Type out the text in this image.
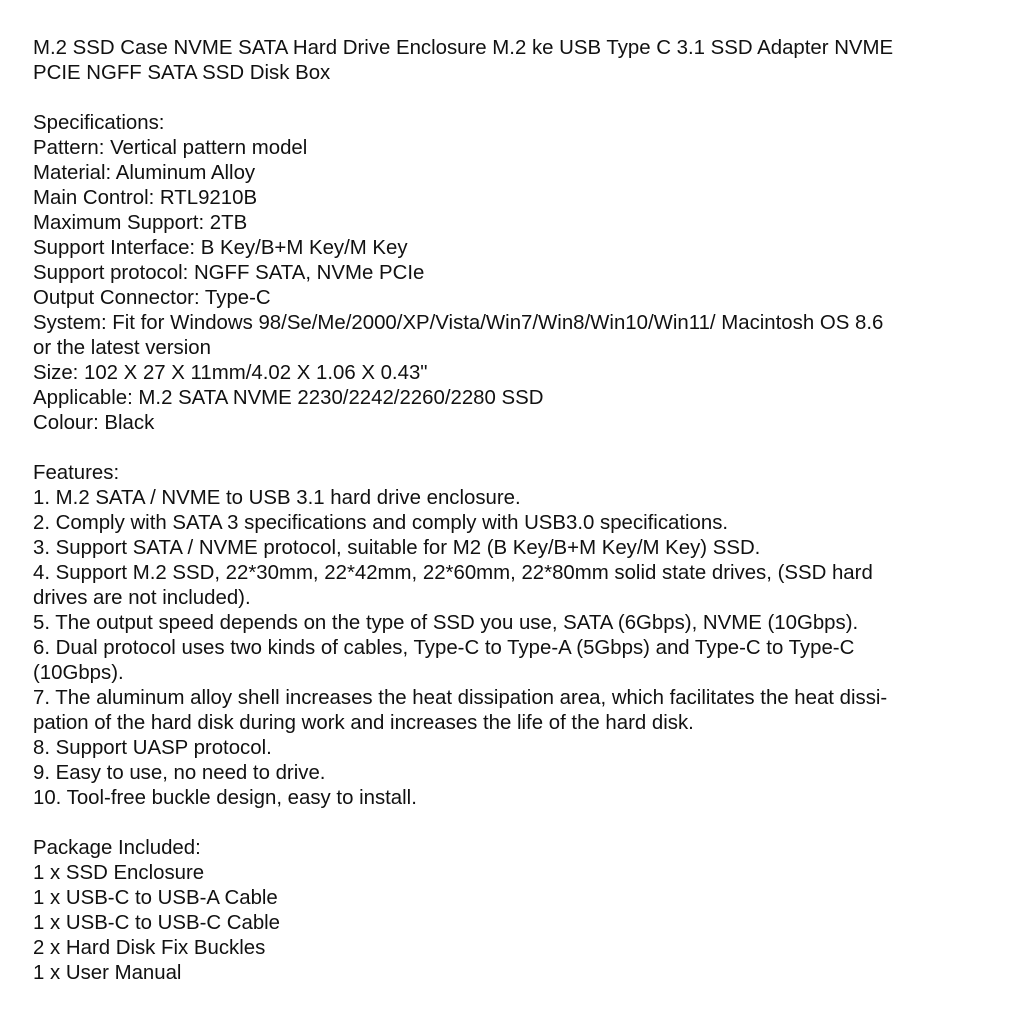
M.2 SSD Case NVME SATA Hard Drive Enclosure M.2 ke USB Type C 3.1 SSD Adapter NVME
PCIE NGFF SATA SSD Disk Box
Specifications:
Pattern: Vertical pattern model
Material: Aluminum Alloy
Main Control: RTL9210B
Maximum Support: 2TB
Support Interface: B Key/B+M Key/M Key
Support protocol: NGFF SATA, NVMe PCIe
Output Connector: Type-C
System: Fit for Windows 98/Se/Me/2000/XP/Vista/Win7/Win8/Win10/Win11/ Macintosh OS 8.6
or the latest version
Size: 102 X 27 X 11mm/4.02 X 1.06 X 0.43"
Applicable: M.2 SATA NVME 2230/2242/2260/2280 SSD
Colour: Black
Features:
1. M.2 SATA / NVME to USB 3.1 hard drive enclosure.
2. Comply with SATA 3 specifications and comply with USB3.0 specifications.
3. Support SATA / NVME protocol, suitable for M2 (B Key/B+M Key/M Key) SSD.
4. Support M.2 SSD, 22*30mm, 22*42mm, 22*60mm, 22*80mm solid state drives, (SSD hard
drives are not included).
5. The output speed depends on the type of SSD you use, SATA (6Gbps), NVME (10Gbps).
6. Dual protocol uses two kinds of cables, Type-C to Type-A (5Gbps) and Type-C to Type-C
(10Gbps).
7. The aluminum alloy shell increases the heat dissipation area, which facilitates the heat dissi-
pation of the hard disk during work and increases the life of the hard disk.
8. Support UASP protocol.
9. Easy to use, no need to drive.
10. Tool-free buckle design, easy to install.
Package Included:
1 x SSD Enclosure
1 x USB-C to USB-A Cable
1 x USB-C to USB-C Cable
2 x Hard Disk Fix Buckles
1 x User Manual
